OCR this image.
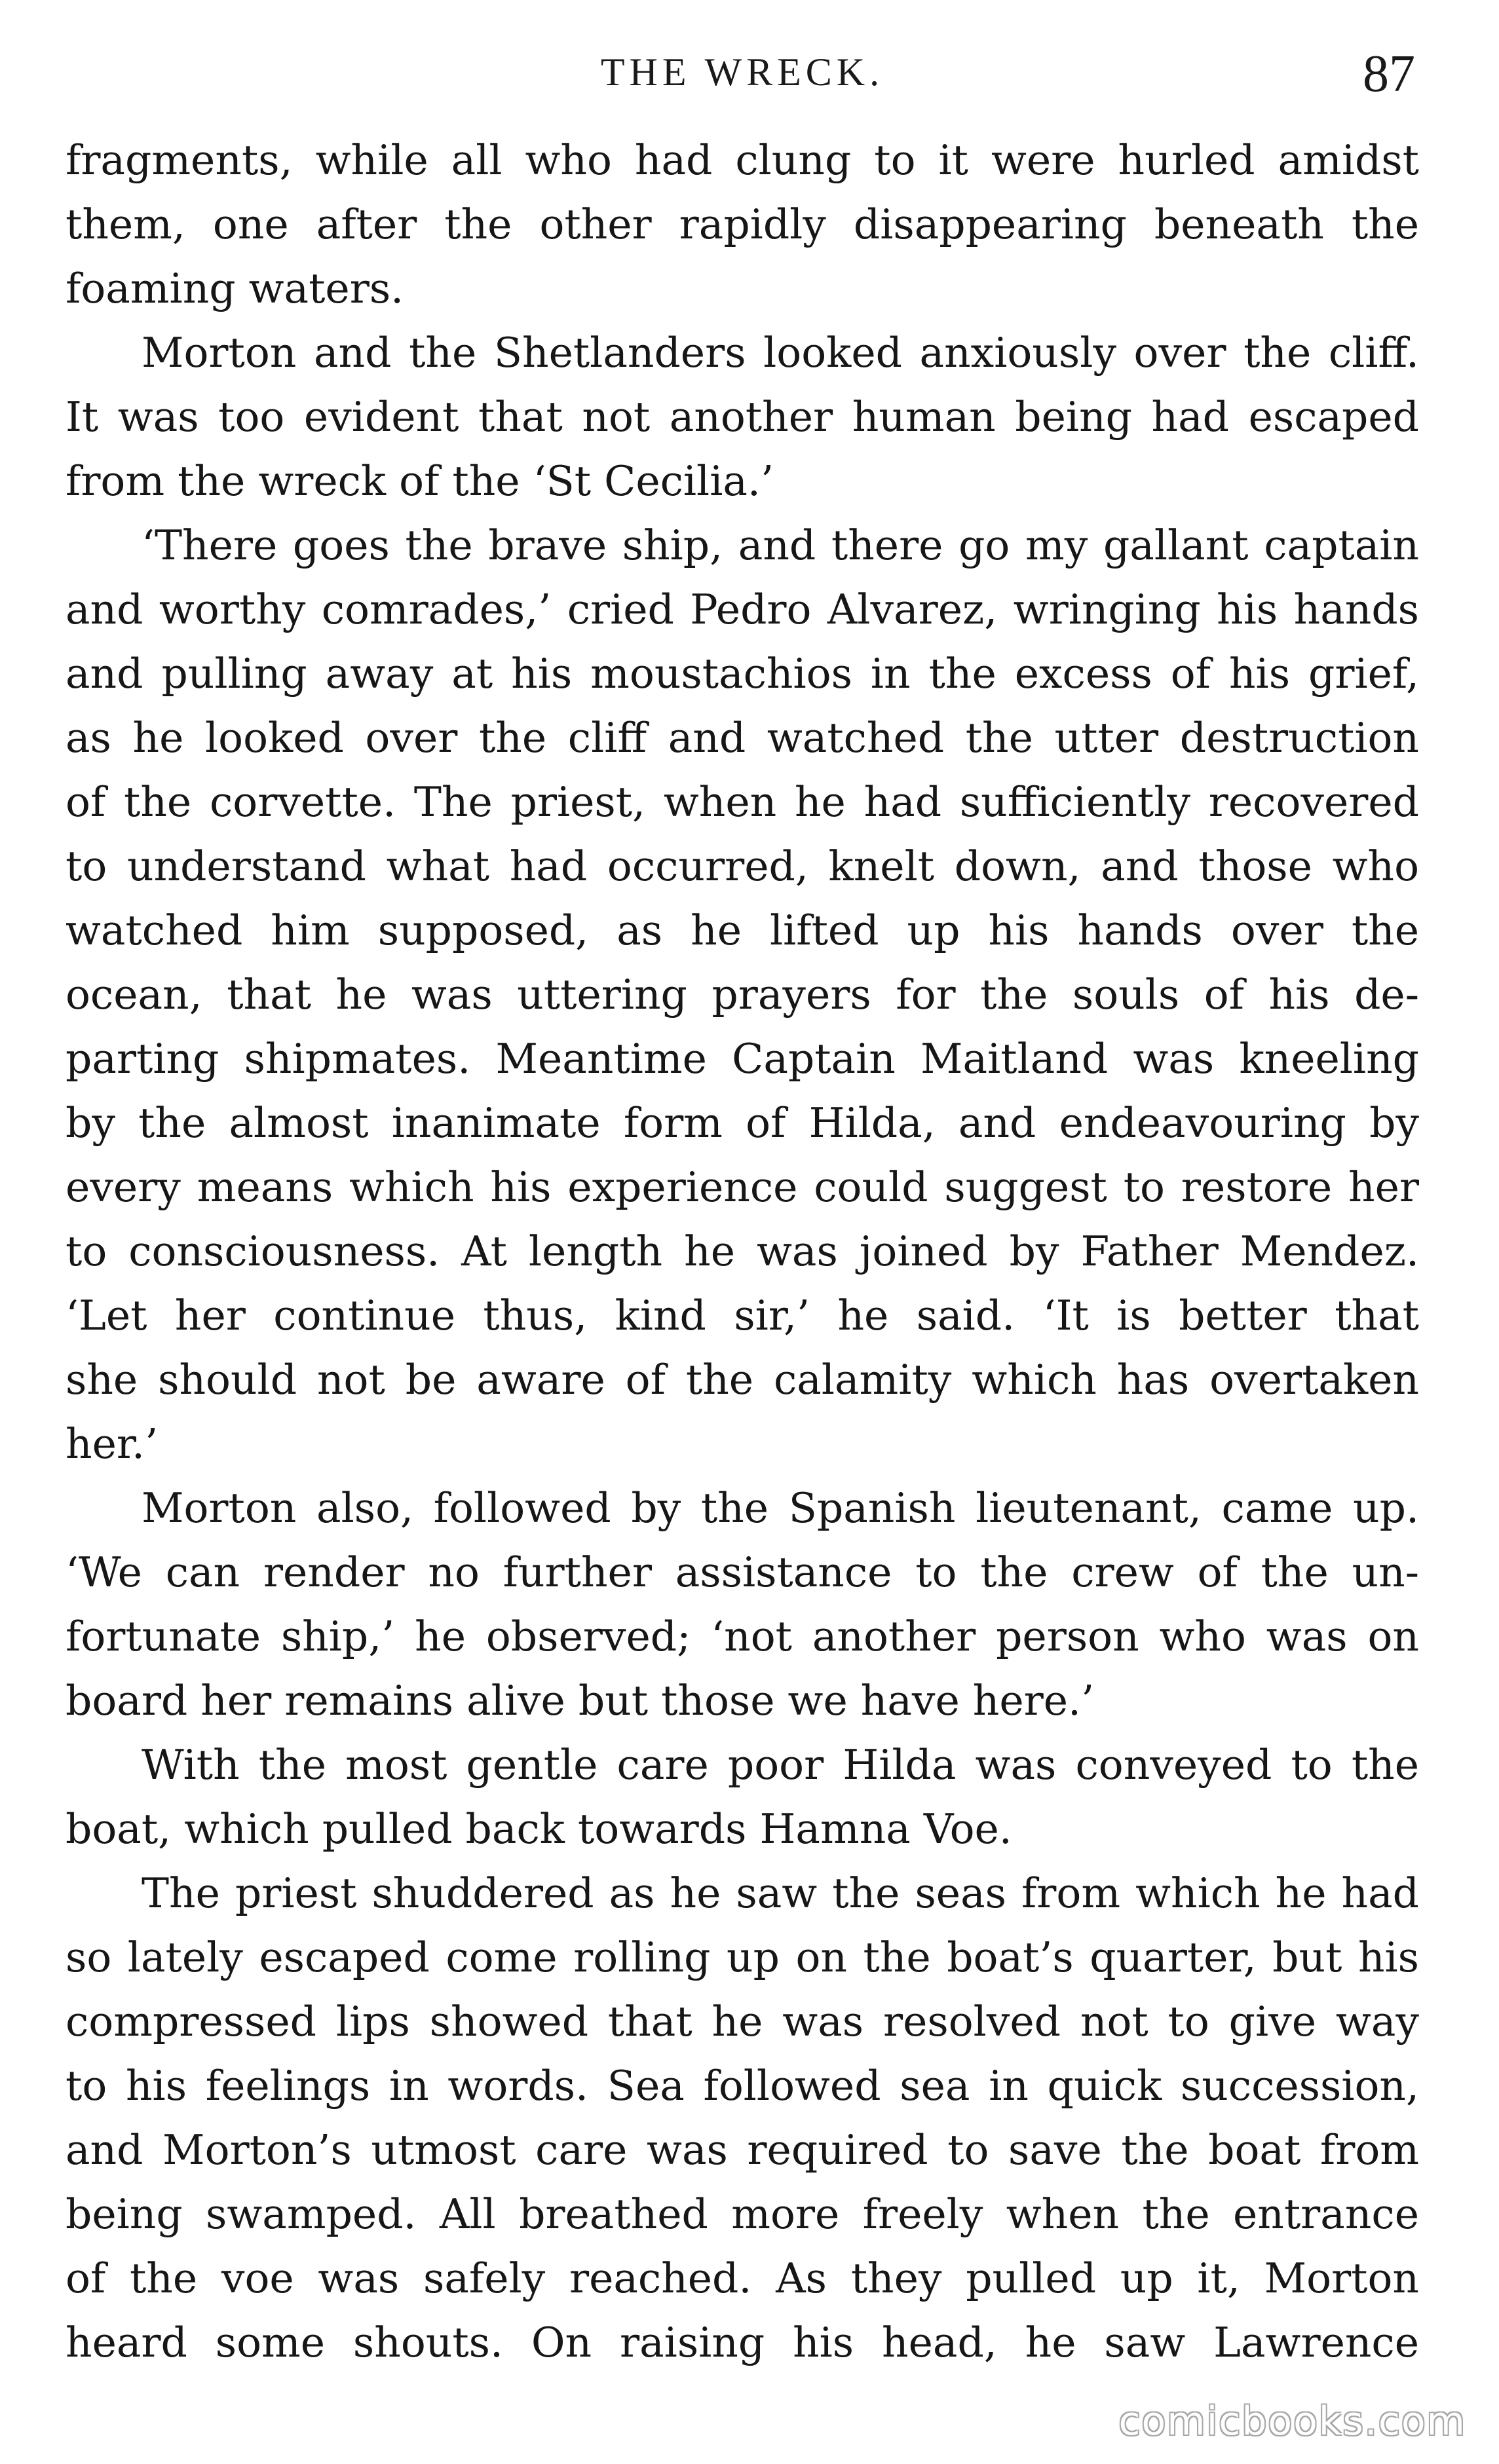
THE WRECK.	87
fragments, while all who had clung to it were hurled amidst
them, one after the other rapidly disappearing beneath the
foaming waters.
Morton and the Shetlanders looked anxiously over the cliff.
It was too evident that not another human being had escaped
from the wreck of the ‘St Cecilia.’
‘There goes the brave ship, and there go my gallant captain
and worthy comrades,’ cried Pedro Alvarez, wringing his hands
and pulling away at his moustachios in the excess of his grief,
as he looked over the cliff and watched the utter destruction
of the corvette. The priest, when he had sufficiently recovered
to understand what had occurred, knelt down, and those who
watched him supposed, as he lifted up his hands over the
ocean, that he was uttering prayers for the souls of his de-
parting shipmates. Meantime Captain Maitland was kneeling
by the almost inanimate form of Hilda, and endeavouring by
every means which his experience could suggest to restore her
to consciousness. At length he was joined by Father Mendez.
‘Let her continue thus, kind sir,’ he said. ‘It is better that
she should not be aware of the calamity which has overtaken
her.’
Morton also, followed by the Spanish lieutenant, came up.
‘We can render no further assistance to the crew of the un-
fortunate ship,’ he observed; ‘not another person who was on
board her remains alive but those we have here.’
With the most gentle care poor Hilda was conveyed to the
boat, which pulled back towards Hamna Voe.
The priest shuddered as he saw the seas from which he had
so lately escaped come rolling up on the boat’s quarter, but his
compressed lips showed that he was resolved not to give way
to his feelings in words. Sea followed sea in quick succession,
and Morton’s utmost care was required to save the boat from
being swamped. All breathed more freely when the entrance
of the voe was safely reached. As they pulled up it, Morton
heard some shouts. On raising his head, he saw Lawrence
comicbooks.com
